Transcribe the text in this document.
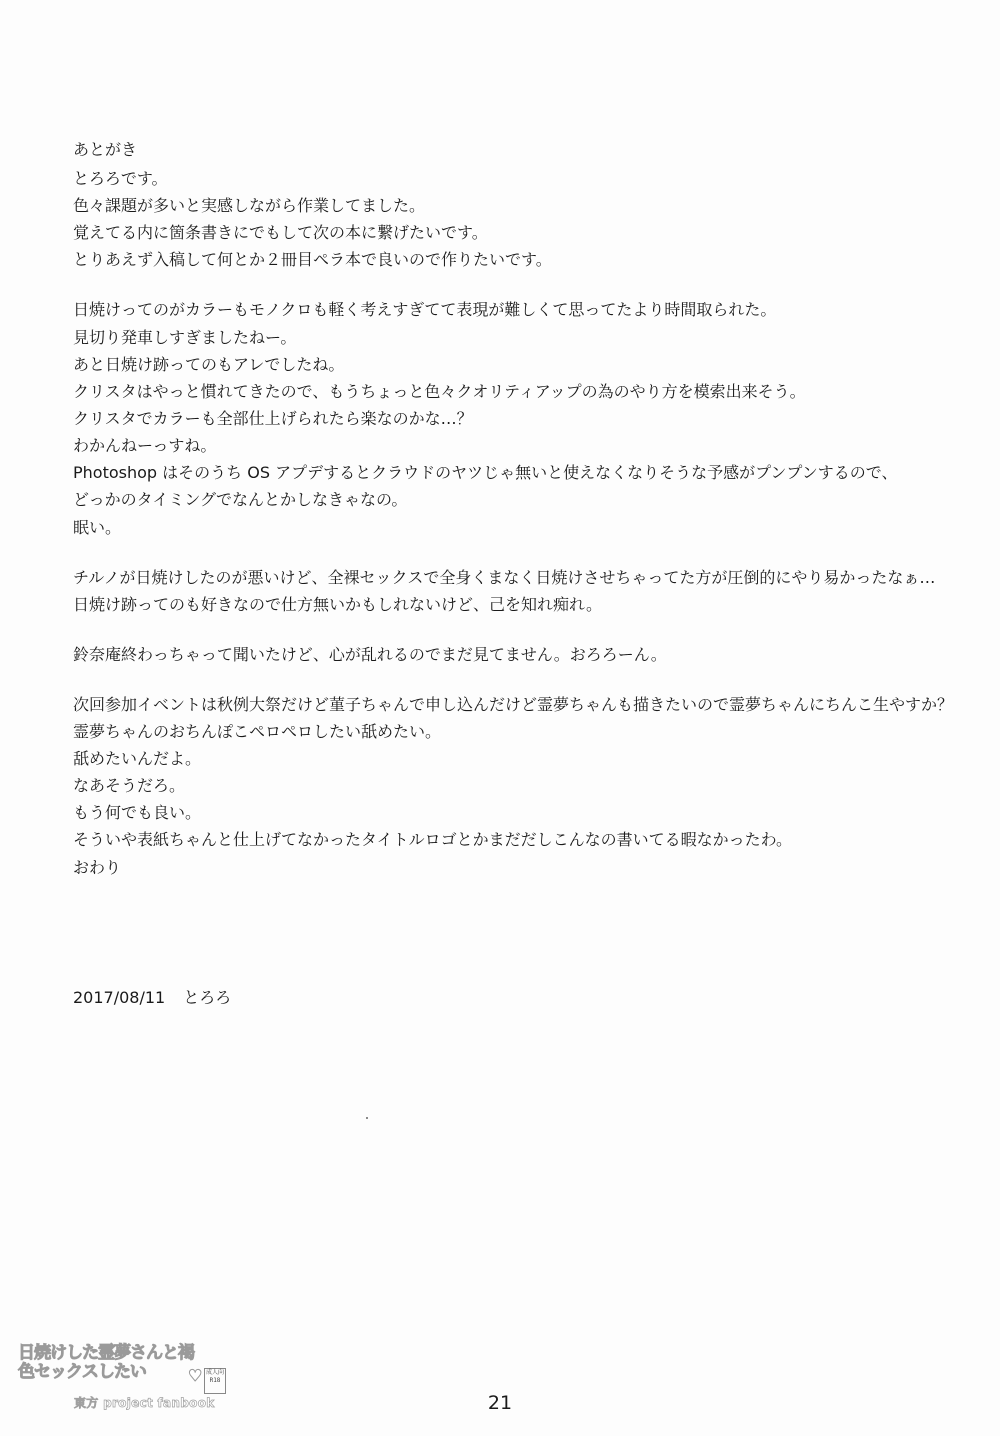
あとがき
とろろです。
色々課題が多いと実感しながら作業してました。
覚えてる内に箇条書きにでもして次の本に繋げたいです。
とりあえず入稿して何とか２冊目ペラ本で良いので作りたいです。
日焼けってのがカラーもモノクロも軽く考えすぎてて表現が難しくて思ってたより時間取られた。
見切り発車しすぎましたねー。
あと日焼け跡ってのもアレでしたね。
クリスタはやっと慣れてきたので、もうちょっと色々クオリティアップの為のやり方を模索出来そう。
クリスタでカラーも全部仕上げられたら楽なのかな…？
わかんねーっすね。
Photoshop はそのうち OS アプデするとクラウドのヤツじゃ無いと使えなくなりそうな予感がプンプンするので、
どっかのタイミングでなんとかしなきゃなの。
眠い。
チルノが日焼けしたのが悪いけど、全裸セックスで全身くまなく日焼けさせちゃってた方が圧倒的にやり易かったなぁ…
日焼け跡ってのも好きなので仕方無いかもしれないけど、己を知れ痴れ。
鈴奈庵終わっちゃって聞いたけど、心が乱れるのでまだ見てません。おろろーん。
次回参加イベントは秋例大祭だけど菫子ちゃんで申し込んだけど霊夢ちゃんも描きたいので霊夢ちゃんにちんこ生やすか？
霊夢ちゃんのおちんぽこペロペロしたい舐めたい。
舐めたいんだよ。
なあそうだろ。
もう何でも良い。
そういや表紙ちゃんと仕上げてなかったタイトルロゴとかまだだしこんなの書いてる暇なかったわ。
おわり
2017/08/11 とろろ
日焼けした霊夢さんと褐色セックスしたい	♥ 成人向 R18
東方 project fanbook	21
